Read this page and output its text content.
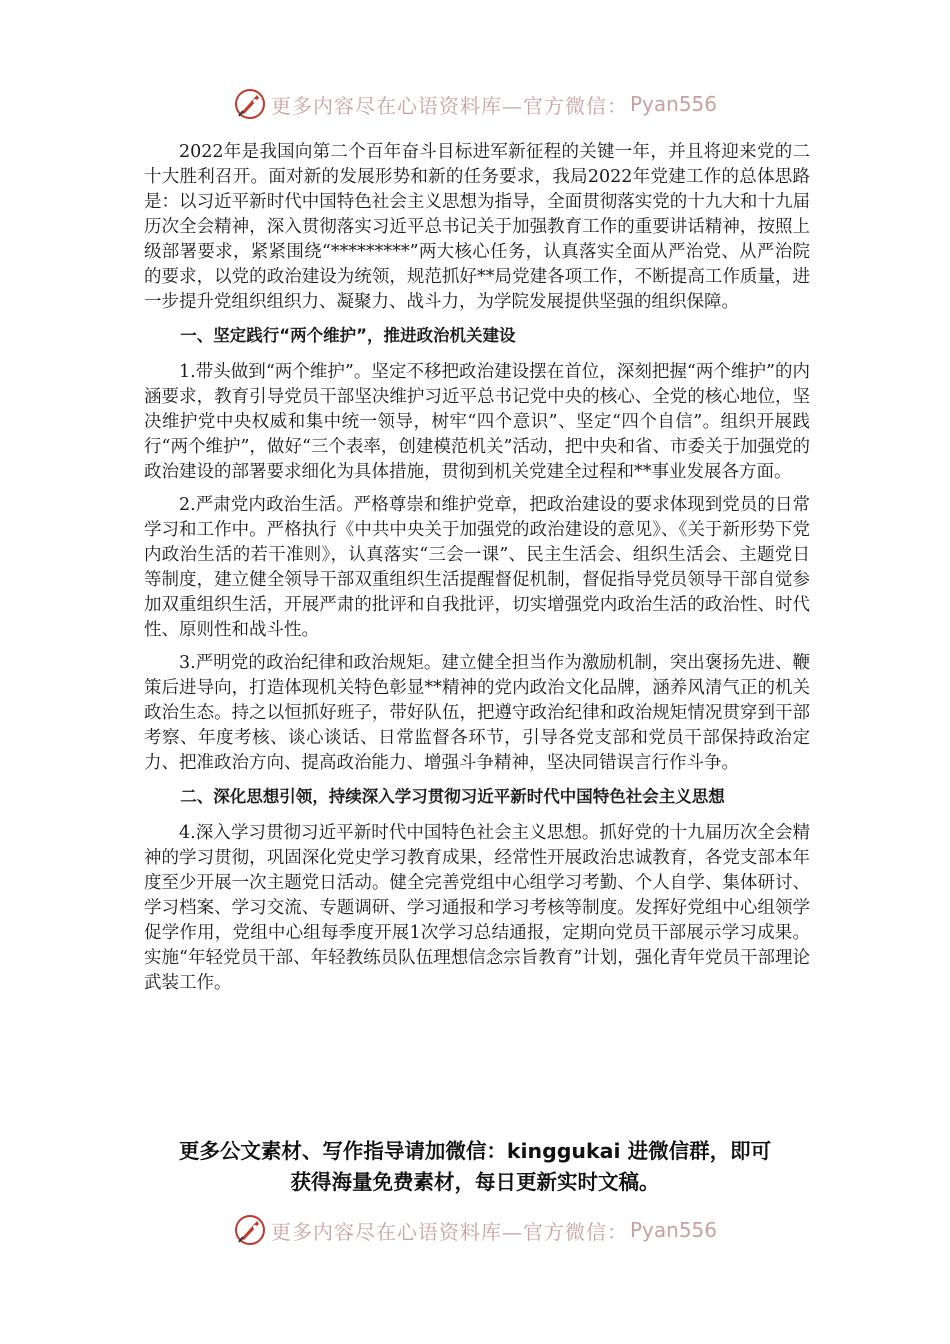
更多内容尽在心语资料库—官方微信： Pyan556

2022年是我国向第二个百年奋斗目标进军新征程的关键一年，并且将迎来党的二十大胜利召开。面对新的发展形势和新的任务要求，我局2022年党建工作的总体思路是：以习近平新时代中国特色社会主义思想为指导，全面贯彻落实党的十九大和十九届历次全会精神，深入贯彻落实习近平总书记关于加强教育工作的重要讲话精神，按照上级部署要求，紧紧围绕“*********”两大核心任务，认真落实全面从严治党、从严治院的要求，以党的政治建设为统领，规范抓好**局党建各项工作，不断提高工作质量，进一步提升党组织组织力、凝聚力、战斗力，为学院发展提供坚强的组织保障。

一、坚定践行“两个维护”，推进政治机关建设

1.带头做到“两个维护”。坚定不移把政治建设摆在首位，深刻把握“两个维护”的内涵要求，教育引导党员干部坚决维护习近平总书记党中央的核心、全党的核心地位，坚决维护党中央权威和集中统一领导，树牢“四个意识”、坚定“四个自信”。组织开展践行“两个维护”，做好“三个表率，创建模范机关”活动，把中央和省、市委关于加强党的政治建设的部署要求细化为具体措施，贯彻到机关党建全过程和**事业发展各方面。

2.严肃党内政治生活。严格尊崇和维护党章，把政治建设的要求体现到党员的日常学习和工作中。严格执行《中共中央关于加强党的政治建设的意见》、《关于新形势下党内政治生活的若干准则》，认真落实“三会一课”、民主生活会、组织生活会、主题党日等制度，建立健全领导干部双重组织生活提醒督促机制，督促指导党员领导干部自觉参加双重组织生活，开展严肃的批评和自我批评，切实增强党内政治生活的政治性、时代性、原则性和战斗性。

3.严明党的政治纪律和政治规矩。建立健全担当作为激励机制，突出褒扬先进、鞭策后进导向，打造体现机关特色彰显**精神的党内政治文化品牌，涵养风清气正的机关政治生态。持之以恒抓好班子，带好队伍，把遵守政治纪律和政治规矩情况贯穿到干部考察、年度考核、谈心谈话、日常监督各环节，引导各党支部和党员干部保持政治定力、把准政治方向、提高政治能力、增强斗争精神，坚决同错误言行作斗争。

二、深化思想引领，持续深入学习贯彻习近平新时代中国特色社会主义思想

4.深入学习贯彻习近平新时代中国特色社会主义思想。抓好党的十九届历次全会精神的学习贯彻，巩固深化党史学习教育成果，经常性开展政治忠诚教育，各党支部本年度至少开展一次主题党日活动。健全完善党组中心组学习考勤、个人自学、集体研讨、学习档案、学习交流、专题调研、学习通报和学习考核等制度。发挥好党组中心组领学促学作用，党组中心组每季度开展1次学习总结通报，定期向党员干部展示学习成果。实施“年轻党员干部、年轻教练员队伍理想信念宗旨教育”计划，强化青年党员干部理论武装工作。

更多公文素材、写作指导请加微信：kinggukai 进微信群，即可
获得海量免费素材，每日更新实时文稿。
更多内容尽在心语资料库—官方微信： Pyan556
